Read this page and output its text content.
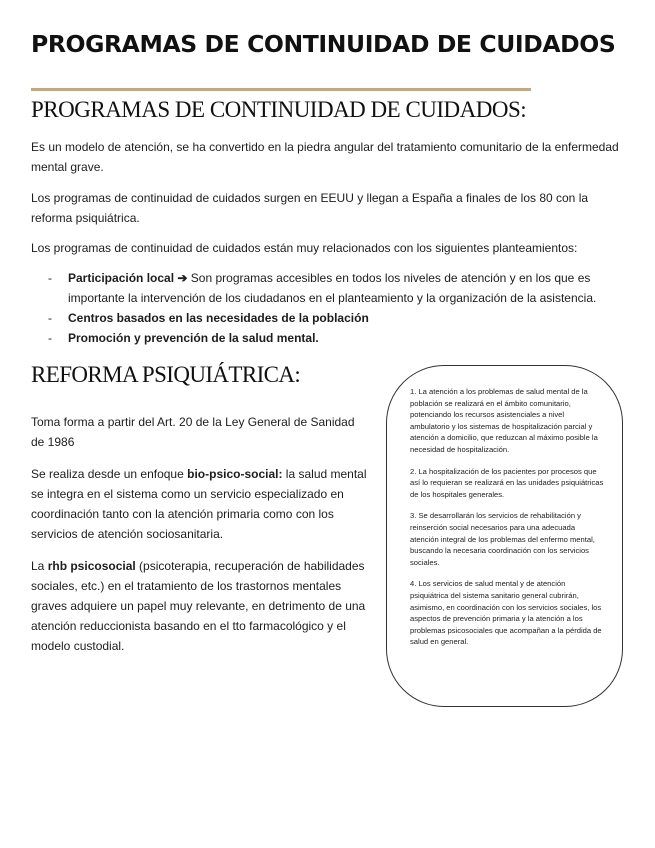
PROGRAMAS DE CONTINUIDAD DE CUIDADOS
PROGRAMAS DE CONTINUIDAD DE CUIDADOS:

Es un modelo de atención, se ha convertido en la piedra angular del tratamiento comunitario de la enfermedad mental grave.

Los programas de continuidad de cuidados surgen en EEUU y llegan a España a finales de los 80 con la reforma psiquiátrica.

Los programas de continuidad de cuidados están muy relacionados con los siguientes planteamientos:

- Participación local ➔ Son programas accesibles en todos los niveles de atención y en los que es importante la intervención de los ciudadanos en el planteamiento y la organización de la asistencia.
- Centros basados en las necesidades de la población
- Promoción y prevención de la salud mental.
REFORMA PSIQUIÁTRICA:

Toma forma a partir del Art. 20 de la Ley General de Sanidad de 1986

Se realiza desde un enfoque bio-psico-social: la salud mental se integra en el sistema como un servicio especializado en coordinación tanto con la atención primaria como con los servicios de atención sociosanitaria.

La rhb psicosocial (psicoterapia, recuperación de habilidades sociales, etc.) en el tratamiento de los trastornos mentales graves adquiere un papel muy relevante, en detrimento de una atención reduccionista basando en el tto farmacológico y el modelo custodial.

1. La atención a los problemas de salud mental de la población se realizará en el ámbito comunitario, potenciando los recursos asistenciales a nivel ambulatorio y los sistemas de hospitalización parcial y atención a domicilio, que reduzcan al máximo posible la necesidad de hospitalización.

2. La hospitalización de los pacientes por procesos que así lo requieran se realizará en las unidades psiquiátricas de los hospitales generales.

3. Se desarrollarán los servicios de rehabilitación y reinserción social necesarios para una adecuada atención integral de los problemas del enfermo mental, buscando la necesaria coordinación con los servicios sociales.

4. Los servicios de salud mental y de atención psiquiátrica del sistema sanitario general cubrirán, asimismo, en coordinación con los servicios sociales, los aspectos de prevención primaria y la atención a los problemas psicosociales que acompañan a la pérdida de salud en general.
